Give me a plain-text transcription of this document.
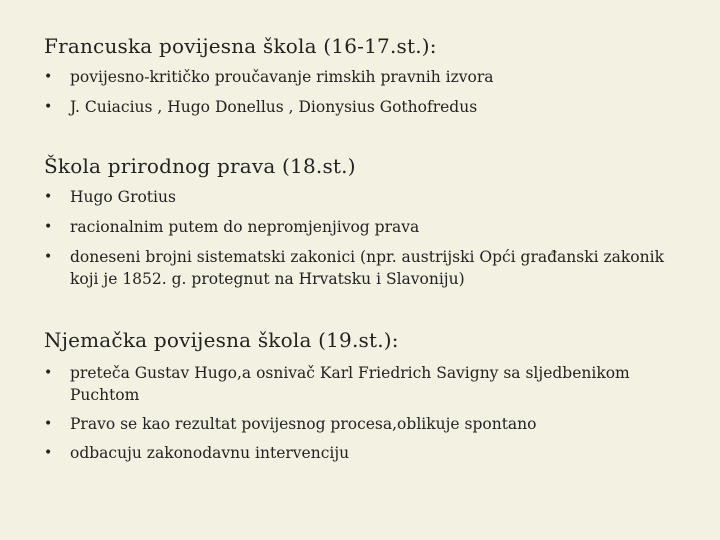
Francuska povijesna škola (16-17.st.):
• povijesno-kritičko proučavanje rimskih pravnih izvora
• J. Cuiacius , Hugo Donellus , Dionysius Gothofredus
Škola prirodnog prava (18.st.)
• Hugo Grotius
• racionalnim putem do nepromjenjivog prava
• doneseni brojni sistematski zakonici (npr. austrijski Opći građanski zakonik koji je 1852. g. protegnut na Hrvatsku i Slavoniju)
Njemačka povijesna škola (19.st.):
• preteča Gustav Hugo,a osnivač Karl Friedrich Savigny sa sljedbenikom Puchtom
• Pravo se kao rezultat povijesnog procesa,oblikuje spontano
• odbacuju zakonodavnu intervenciju
